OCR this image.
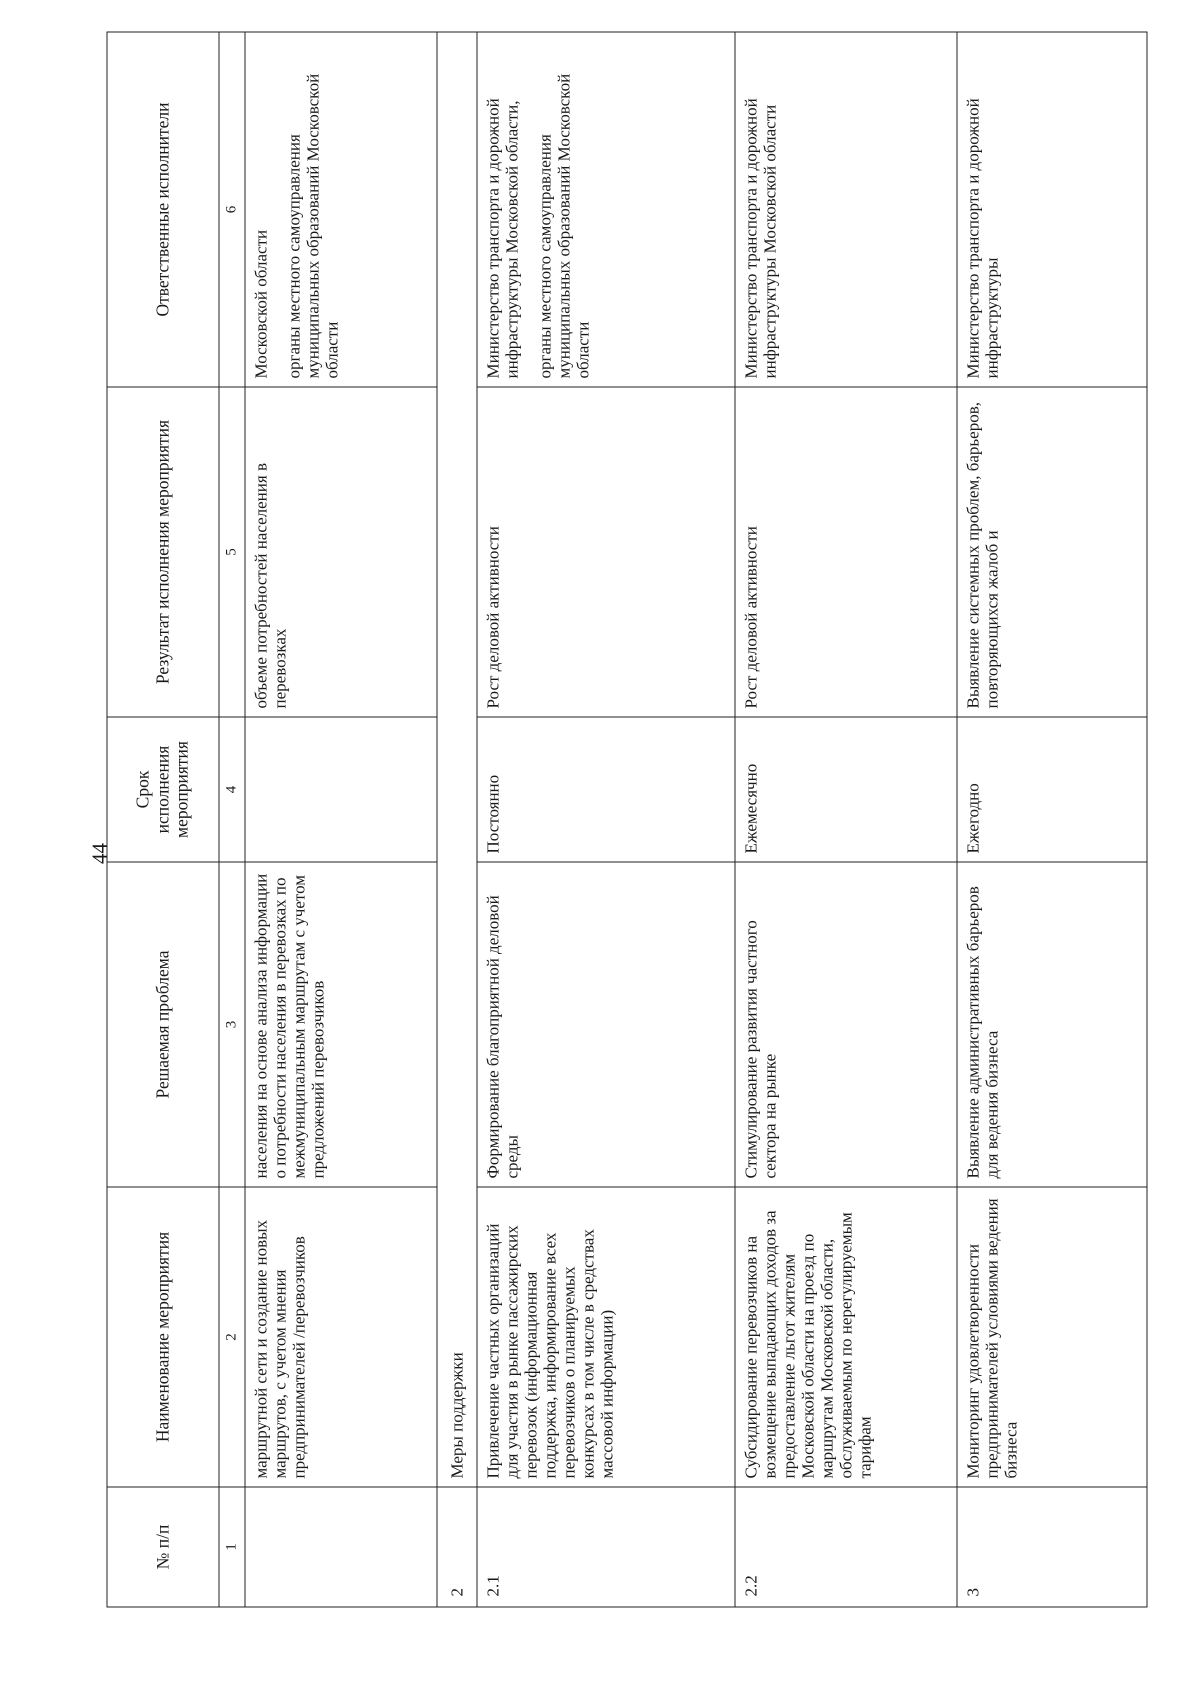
44
№ п/п	Наименование мероприятия	Решаемая проблема	Срок исполнения мероприятия	Результат исполнения мероприятия	Ответственные исполнители
1	2	3	4	5	6
	маршрутной сети и создание новых маршрутов, с учетом мнения предпринимателей /перевозчиков	населения на основе анализа информации о потребности населения в перевозках по межмуниципальным маршрутам с учетом предложений перевозчиков		объеме потребностей населения в перевозках	Московской области органы местного самоуправления муниципальных образований Московской области

2	Меры поддержки				
2.1	Привлечение частных организаций для участия в рынке пассажирских перевозок (информационная поддержка, информирование всех перевозчиков о планируемых конкурсах в том числе в средствах массовой информации)	Формирование благоприятной деловой среды	Постоянно	Рост деловой активности	Министерство транспорта и дорожной инфраструктуры Московской области, органы местного самоуправления муниципальных образований Московской области

2.2	Субсидирование перевозчиков на возмещение выпадающих доходов за предоставление льгот жителям Московской области на проезд по маршрутам Московской области, обслуживаемым по нерегулируемым тарифам	Стимулирование развития частного сектора на рынке	Ежемесячно	Рост деловой активности	Министерство транспорта и дорожной инфраструктуры Московской области
3	Мониторинг удовлетворенности предпринимателей условиями ведения бизнеса	Выявление административных барьеров для ведения бизнеса	Ежегодно	Выявление системных проблем, барьеров, повторяющихся жалоб и	Министерство транспорта и дорожной инфраструктуры
